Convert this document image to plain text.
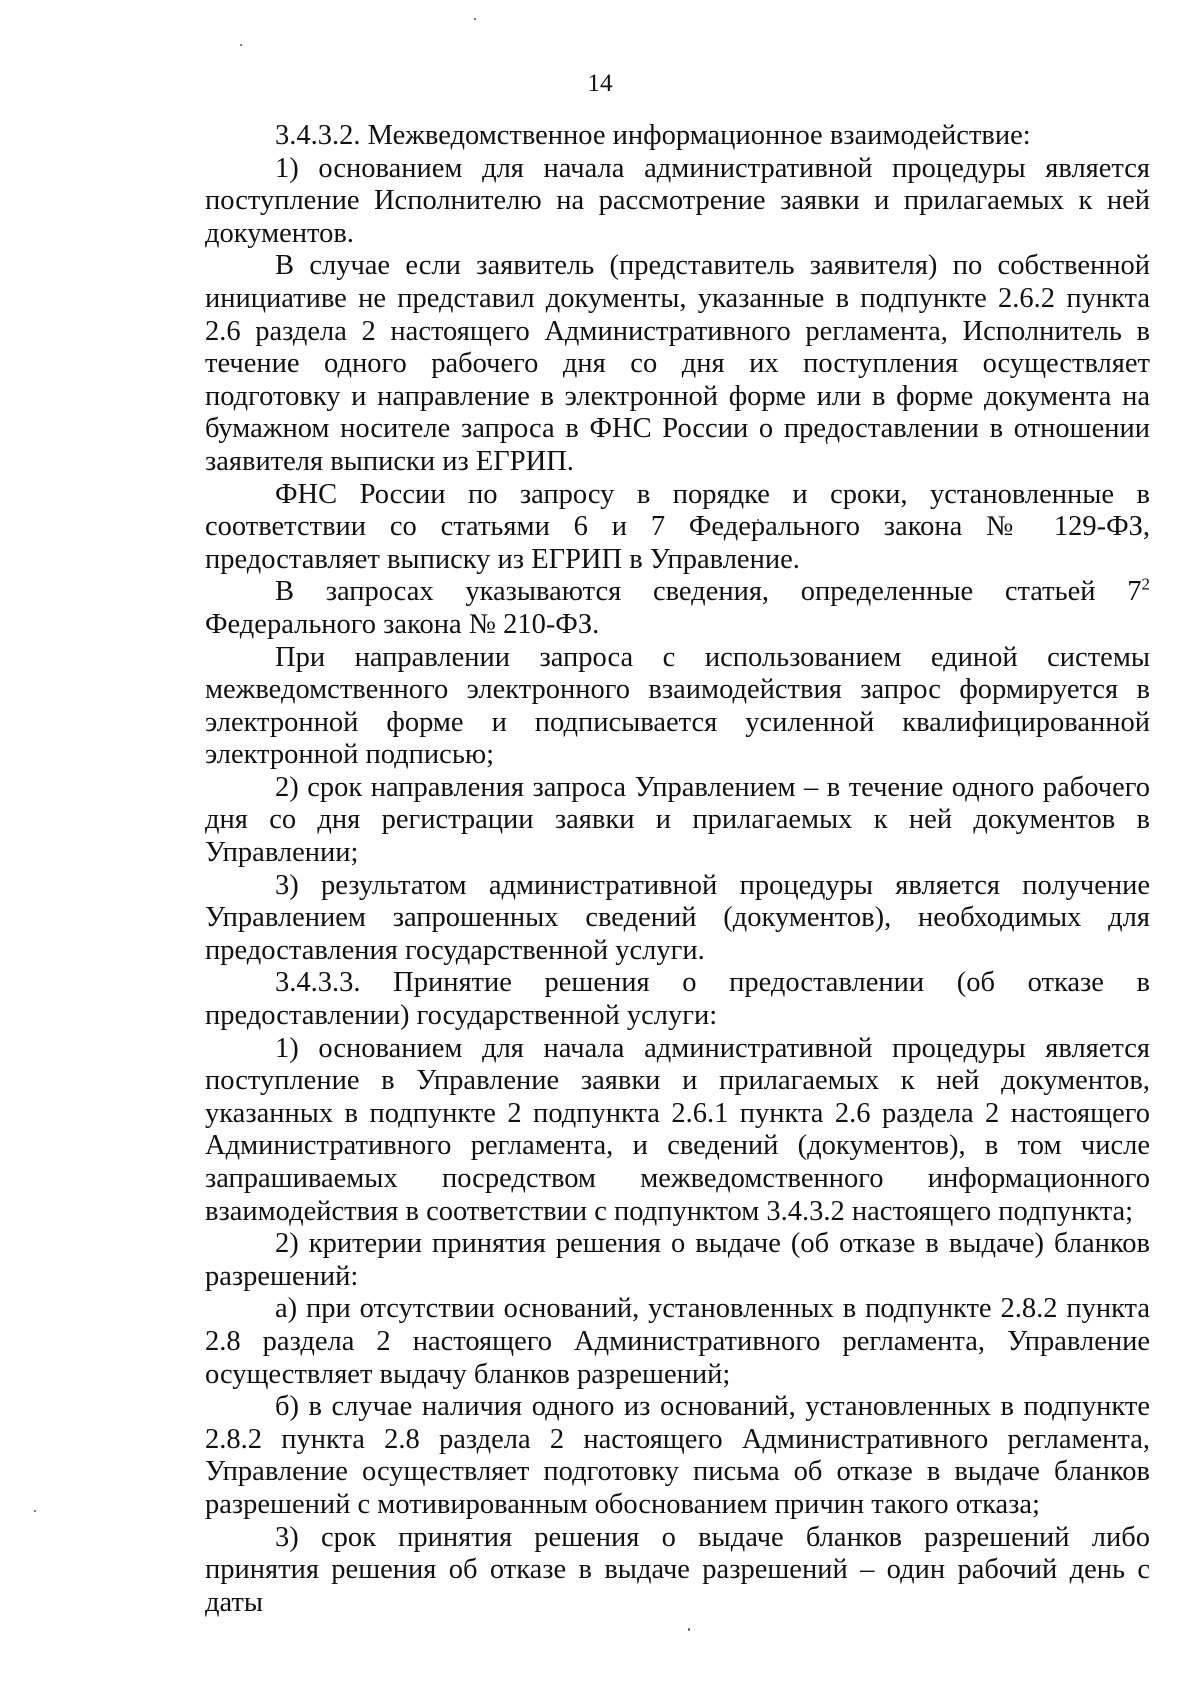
14

3.4.3.2. Межведомственное информационное взаимодействие:

1) основанием для начала административной процедуры является поступление Исполнителю на рассмотрение заявки и прилагаемых к ней документов.

В случае если заявитель (представитель заявителя) по собственной инициативе не представил документы, указанные в подпункте 2.6.2 пункта 2.6 раздела 2 настоящего Административного регламента, Исполнитель в течение одного рабочего дня со дня их поступления осуществляет подготовку и направление в электронной форме или в форме документа на бумажном носителе запроса в ФНС России о предоставлении в отношении заявителя выписки из ЕГРИП.

ФНС России по запросу в порядке и сроки, установленные в соответствии со статьями 6 и 7 Федерального закона № 129-ФЗ, предоставляет выписку из ЕГРИП в Управление.

В запросах указываются сведения, определенные статьей $7^2$ Федерального закона № 210-ФЗ.

При направлении запроса с использованием единой системы межведомственного электронного взаимодействия запрос формируется в электронной форме и подписывается усиленной квалифицированной электронной подписью;

2) срок направления запроса Управлением – в течение одного рабочего дня со дня регистрации заявки и прилагаемых к ней документов в Управлении;

3) результатом административной процедуры является получение Управлением запрошенных сведений (документов), необходимых для предоставления государственной услуги.

3.4.3.3. Принятие решения о предоставлении (об отказе в предоставлении) государственной услуги:

1) основанием для начала административной процедуры является поступление в Управление заявки и прилагаемых к ней документов, указанных в подпункте 2 подпункта 2.6.1 пункта 2.6 раздела 2 настоящего Административного регламента, и сведений (документов), в том числе запрашиваемых посредством межведомственного информационного взаимодействия в соответствии с подпунктом 3.4.3.2 настоящего подпункта;

2) критерии принятия решения о выдаче (об отказе в выдаче) бланков разрешений:

а) при отсутствии оснований, установленных в подпункте 2.8.2 пункта 2.8 раздела 2 настоящего Административного регламента, Управление осуществляет выдачу бланков разрешений;

б) в случае наличия одного из оснований, установленных в подпункте 2.8.2 пункта 2.8 раздела 2 настоящего Административного регламента, Управление осуществляет подготовку письма об отказе в выдаче бланков разрешений с мотивированным обоснованием причин такого отказа;

3) срок принятия решения о выдаче бланков разрешений либо принятия решения об отказе в выдаче разрешений – один рабочий день с даты
